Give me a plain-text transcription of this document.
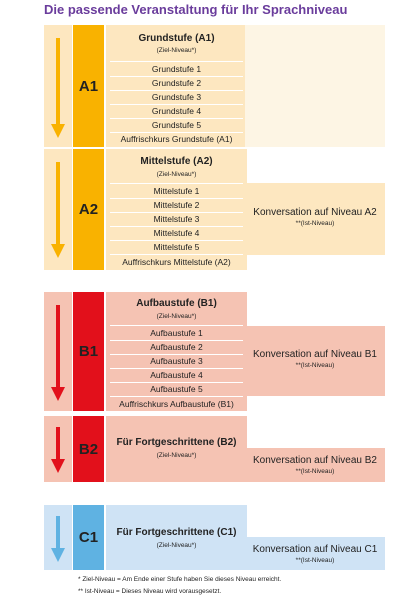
Die passende Veranstaltung für Ihr Sprachniveau
A1
Grundstufe (A1)
(Ziel-Niveau*)
Grundstufe 1
Grundstufe 2
Grundstufe 3
Grundstufe 4
Grundstufe 5
Auffrischkurs Grundstufe (A1)
A2
Mittelstufe (A2)
(Ziel-Niveau*)
Mittelstufe 1
Mittelstufe 2
Mittelstufe 3
Mittelstufe 4
Mittelstufe 5
Auffrischkurs Mittelstufe (A2)
Konversation auf Niveau A2
**(Ist-Niveau)
B1
Aufbaustufe (B1)
(Ziel-Niveau*)
Aufbaustufe 1
Aufbaustufe 2
Aufbaustufe 3
Aufbaustufe 4
Aufbaustufe 5
Auffrischkurs Aufbaustufe (B1)
Konversation auf Niveau B1
**(Ist-Niveau)
B2	Für Fortgeschrittene (B2)
(Ziel-Niveau*)	Konversation auf Niveau B2
**(Ist-Niveau)
C1	Für Fortgeschrittene (C1)
(Ziel-Niveau*)	Konversation auf Niveau C1
**(Ist-Niveau)
* Ziel-Niveau = Am Ende einer Stufe haben Sie dieses Niveau erreicht.
** Ist-Niveau = Dieses Niveau wird vorausgesetzt.
